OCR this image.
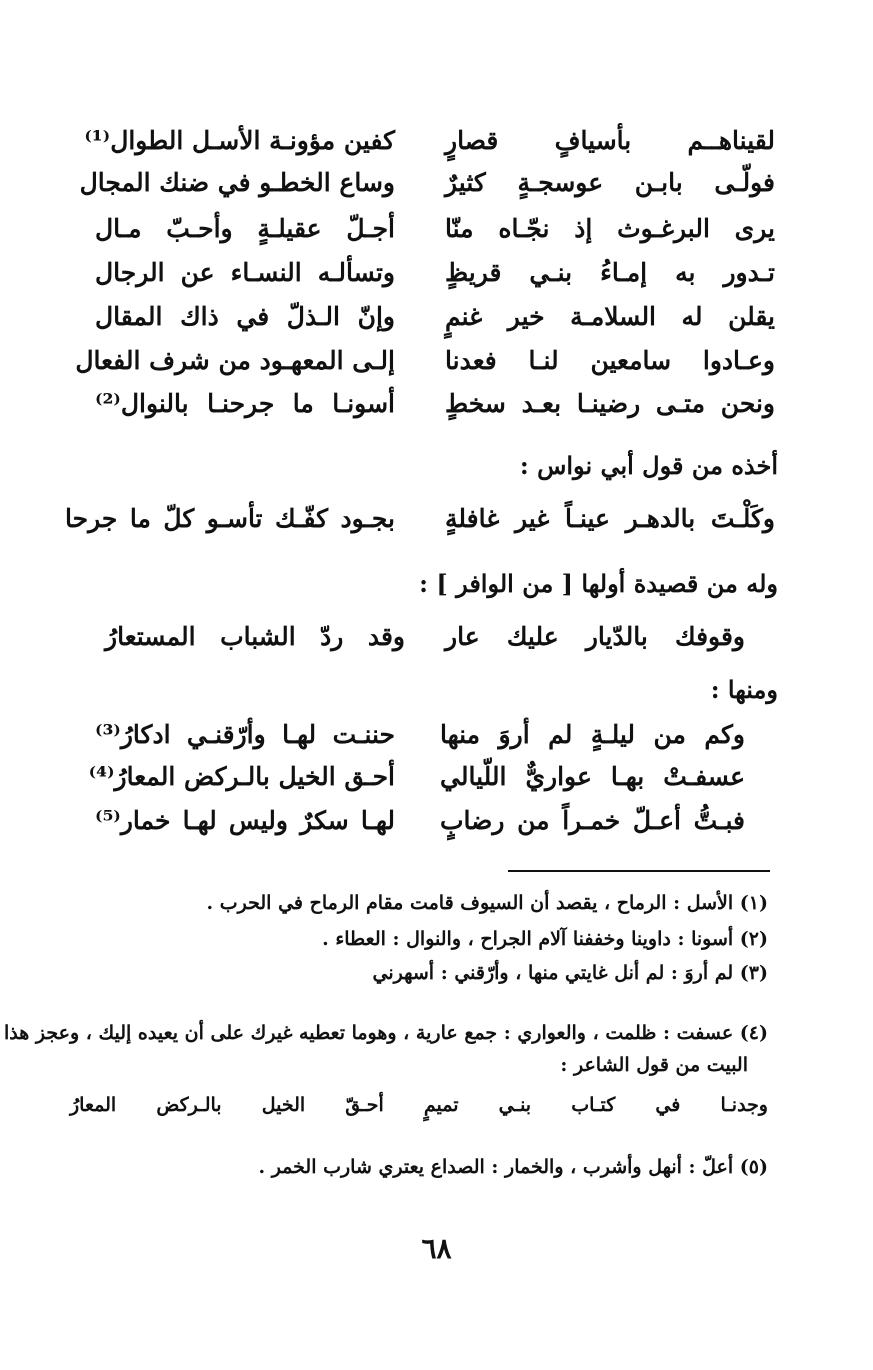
لقيناهــم بأسيافٍ قصارٍ
كفين مؤونـة الأسـل الطوال⁽¹⁾
فولّـى بابـن عوسجـةٍ كثيرٌ
وساع الخطـو في ضنك المجال
يرى البرغـوث إذ نجّـاه منّا
أجـلّ عقيلـةٍ وأحـبّ مـال
تـدور به إمـاءُ بنـي قريظٍ
وتسألـه النسـاء عن الرجال
يقلن له السلامـة خير غنمٍ
وإنّ الـذلّ في ذاك المقال
وعـادوا سامعين لنـا فعدنا
إلـى المعهـود من شرف الفعال
ونحن متـى رضينـا بعـد سخطٍ
أسونـا ما جرحنـا بالنوال⁽²⁾
أخذه من قول أبي نواس :
وكَلْـتَ بالدهـر عينـاً غير غافلةٍ
بجـود كفّـك تأسـو كلّ ما جرحا
وله من قصيدة أولها [ من الوافر ] :
وقوفك بالدّيار عليك عار
وقد ردّ الشباب المستعارُ
ومنها :
وكم من ليلـةٍ لم أروَ منها
حننـت لهـا وأرّقنـي ادكارُ⁽³⁾
عسفـتْ بهـا عواريٌّ اللّيالي
أحـق الخيل بالـركض المعارُ⁽⁴⁾
فبـتُّ أعـلّ خمـراً من رضابٍ
لهـا سكرٌ وليس لهـا خمار⁽⁵⁾
(١) الأسل : الرماح ، يقصد أن السيوف قامت مقام الرماح في الحرب .
(٢) أسونا : داوينا وخففنا آلام الجراح ، والنوال : العطاء .
(٣) لم أروَ : لم أنل غايتي منها ، وأرّقني : أسهرني
(٤) عسفت : ظلمت ، والعواري : جمع عارية ، وهوما تعطيه غيرك على أن يعيده إليك ، وعجز هذا
البيت من قول الشاعر :
وجدنـا في كتـاب بنـي تميمٍ أحـقّ الخيل بالـركض المعارُ
(٥) أعلّ : أنهل وأشرب ، والخمار : الصداع يعتري شارب الخمر .
٦٨
